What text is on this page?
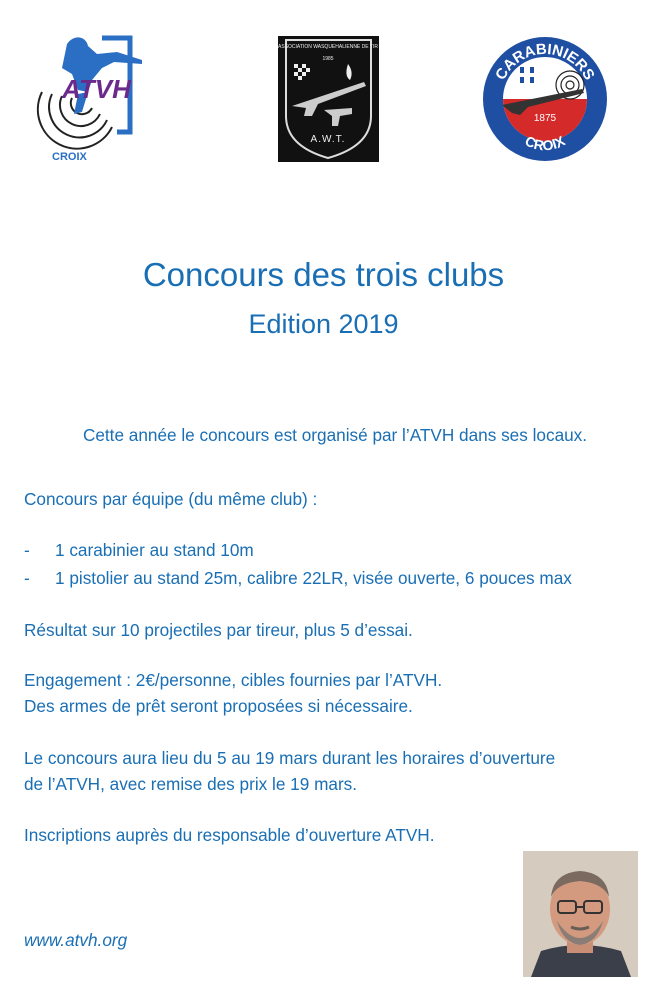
ATVH
CROIX
ASSOCIATION WASQUEHALIENNE DE TIR
1985
A.W.T.
CARABINIERS
1875
CROIX
Concours des trois clubs
Edition 2019
Cette année le concours est organisé par l’ATVH dans ses locaux.
Concours par équipe (du même club) :
- 1 carabinier au stand 10m
- 1 pistolier au stand 25m, calibre 22LR, visée ouverte, 6 pouces max
Résultat sur 10 projectiles par tireur, plus 5 d’essai.
Engagement : 2€/personne, cibles fournies par l’ATVH.
Des armes de prêt seront proposées si nécessaire.
Le concours aura lieu du 5 au 19 mars durant les horaires d’ouverture
de l’ATVH, avec remise des prix le 19 mars.
Inscriptions auprès du responsable d’ouverture ATVH.
www.atvh.org
